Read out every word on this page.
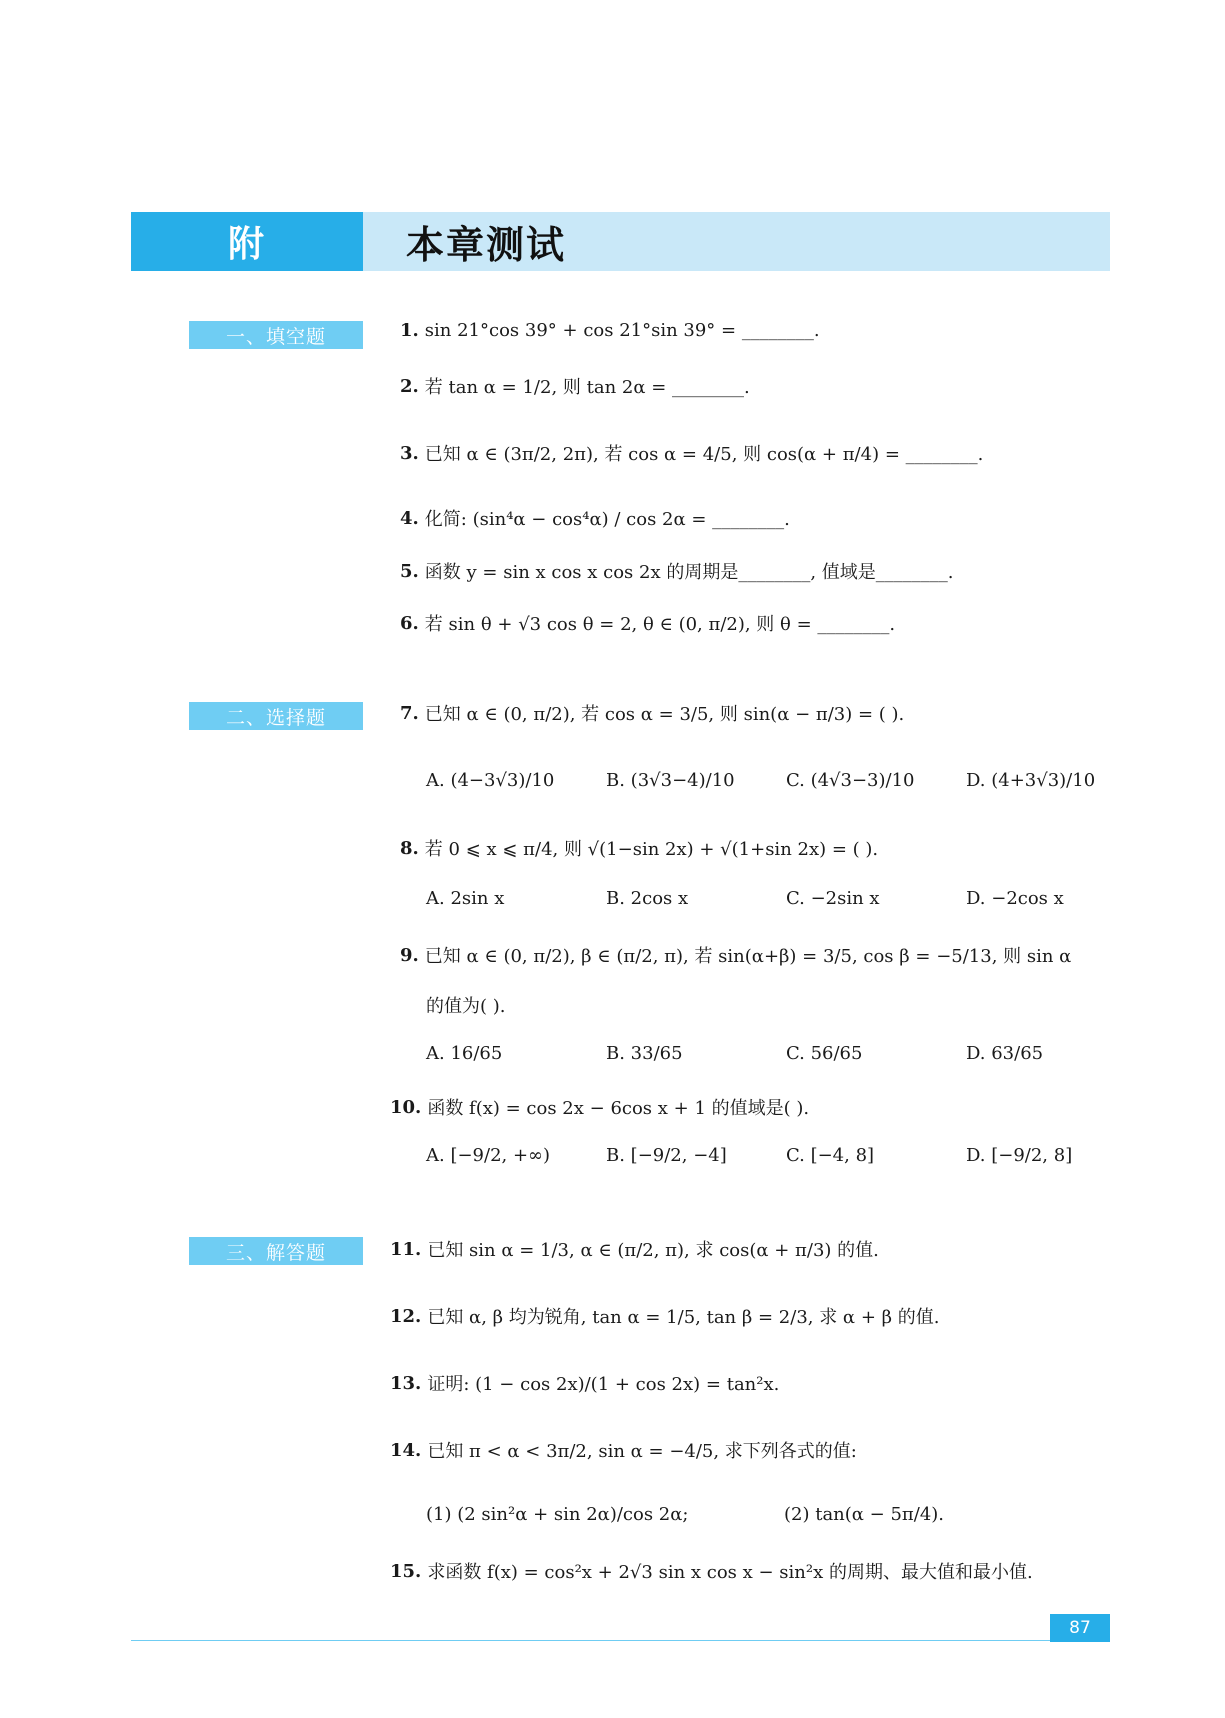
附	本章测试
一、填空题
二、选择题
三、解答题
1. sin 21°cos 39° + cos 21°sin 39° = ________.
2. 若 tan α = 1/2, 则 tan 2α = ________.
3. 已知 α ∈ (3π/2, 2π), 若 cos α = 4/5, 则 cos(α + π/4) = ________.
4. 化简: (sin⁴α − cos⁴α) / cos 2α = ________.
5. 函数 y = sin x cos x cos 2x 的周期是________, 值域是________.
6. 若 sin θ + √3 cos θ = 2, θ ∈ (0, π/2), 则 θ = ________.
7. 已知 α ∈ (0, π/2), 若 cos α = 3/5, 则 sin(α − π/3) = ( ).
A. (4−3√3)/10	B. (3√3−4)/10	C. (4√3−3)/10	D. (4+3√3)/10
8. 若 0 ⩽ x ⩽ π/4, 则 √(1−sin 2x) + √(1+sin 2x) = ( ).
A. 2sin x	B. 2cos x	C. −2sin x	D. −2cos x
9. 已知 α ∈ (0, π/2), β ∈ (π/2, π), 若 sin(α+β) = 3/5, cos β = −5/13, 则 sin α
的值为( ).
A. 16/65	B. 33/65	C. 56/65	D. 63/65
10. 函数 f(x) = cos 2x − 6cos x + 1 的值域是( ).
A. [−9/2, +∞)	B. [−9/2, −4]	C. [−4, 8]	D. [−9/2, 8]
11. 已知 sin α = 1/3, α ∈ (π/2, π), 求 cos(α + π/3) 的值.
12. 已知 α, β 均为锐角, tan α = 1/5, tan β = 2/3, 求 α + β 的值.
13. 证明: (1 − cos 2x)/(1 + cos 2x) = tan²x.
14. 已知 π < α < 3π/2, sin α = −4/5, 求下列各式的值:
(1) (2 sin²α + sin 2α)/cos 2α;	(2) tan(α − 5π/4).
15. 求函数 f(x) = cos²x + 2√3 sin x cos x − sin²x 的周期、最大值和最小值.
87
